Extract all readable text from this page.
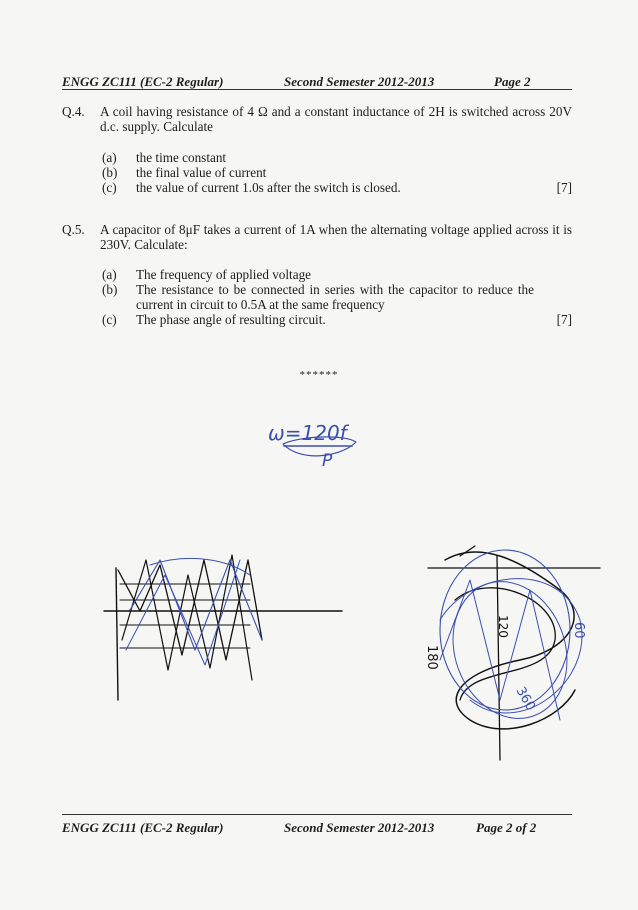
ENGG ZC111 (EC-2 Regular)	Second Semester 2012-2013	Page 2
Q.4. A coil having resistance of 4 Ω and a constant inductance of 2H is switched across 20V d.c. supply. Calculate
(a) the time constant
(b) the final value of current
(c) the value of current 1.0s after the switch is closed.	[7]
Q.5. A capacitor of 8μF takes a current of 1A when the alternating voltage applied across it is 230V. Calculate:
(a) The frequency of applied voltage
(b) The resistance to be connected in series with the capacitor to reduce the current in circuit to 0.5A at the same frequency
(c) The phase angle of resulting circuit.	[7]
******
ω=120f
P
60
120
180
360
ENGG ZC111 (EC-2 Regular)	Second Semester 2012-2013	Page 2 of 2
